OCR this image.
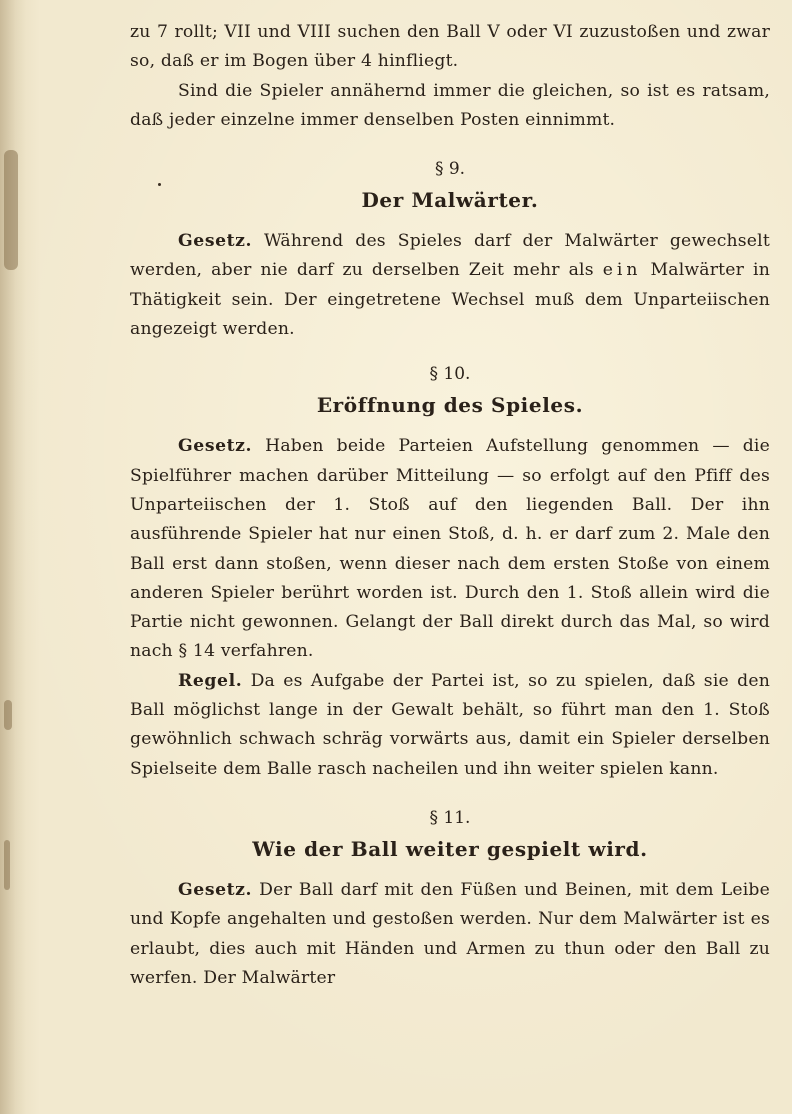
zu 7 rollt; VII und VIII suchen den Ball V oder VI zuzustoßen und zwar so, daß er im Bogen über 4 hinfliegt.

Sind die Spieler annähernd immer die gleichen, so ist es ratsam, daß jeder einzelne immer denselben Posten einnimmt.

§ 9.

Der Malwärter.

Gesetz. Während des Spieles darf der Malwärter gewechselt werden, aber nie darf zu derselben Zeit mehr als ein Malwärter in Thätigkeit sein. Der eingetretene Wechsel muß dem Unparteiischen angezeigt werden.

§ 10.

Eröffnung des Spieles.

Gesetz. Haben beide Parteien Aufstellung genommen — die Spielführer machen darüber Mitteilung — so erfolgt auf den Pfiff des Unparteiischen der 1. Stoß auf den liegenden Ball. Der ihn ausführende Spieler hat nur einen Stoß, d. h. er darf zum 2. Male den Ball erst dann stoßen, wenn dieser nach dem ersten Stoße von einem anderen Spieler berührt worden ist. Durch den 1. Stoß allein wird die Partie nicht gewonnen. Gelangt der Ball direkt durch das Mal, so wird nach § 14 verfahren.

Regel. Da es Aufgabe der Partei ist, so zu spielen, daß sie den Ball möglichst lange in der Gewalt behält, so führt man den 1. Stoß gewöhnlich schwach schräg vorwärts aus, damit ein Spieler derselben Spielseite dem Balle rasch nacheilen und ihn weiter spielen kann.

§ 11.

Wie der Ball weiter gespielt wird.

Gesetz. Der Ball darf mit den Füßen und Beinen, mit dem Leibe und Kopfe angehalten und gestoßen werden. Nur dem Malwärter ist es erlaubt, dies auch mit Händen und Armen zu thun oder den Ball zu werfen. Der Malwärter
